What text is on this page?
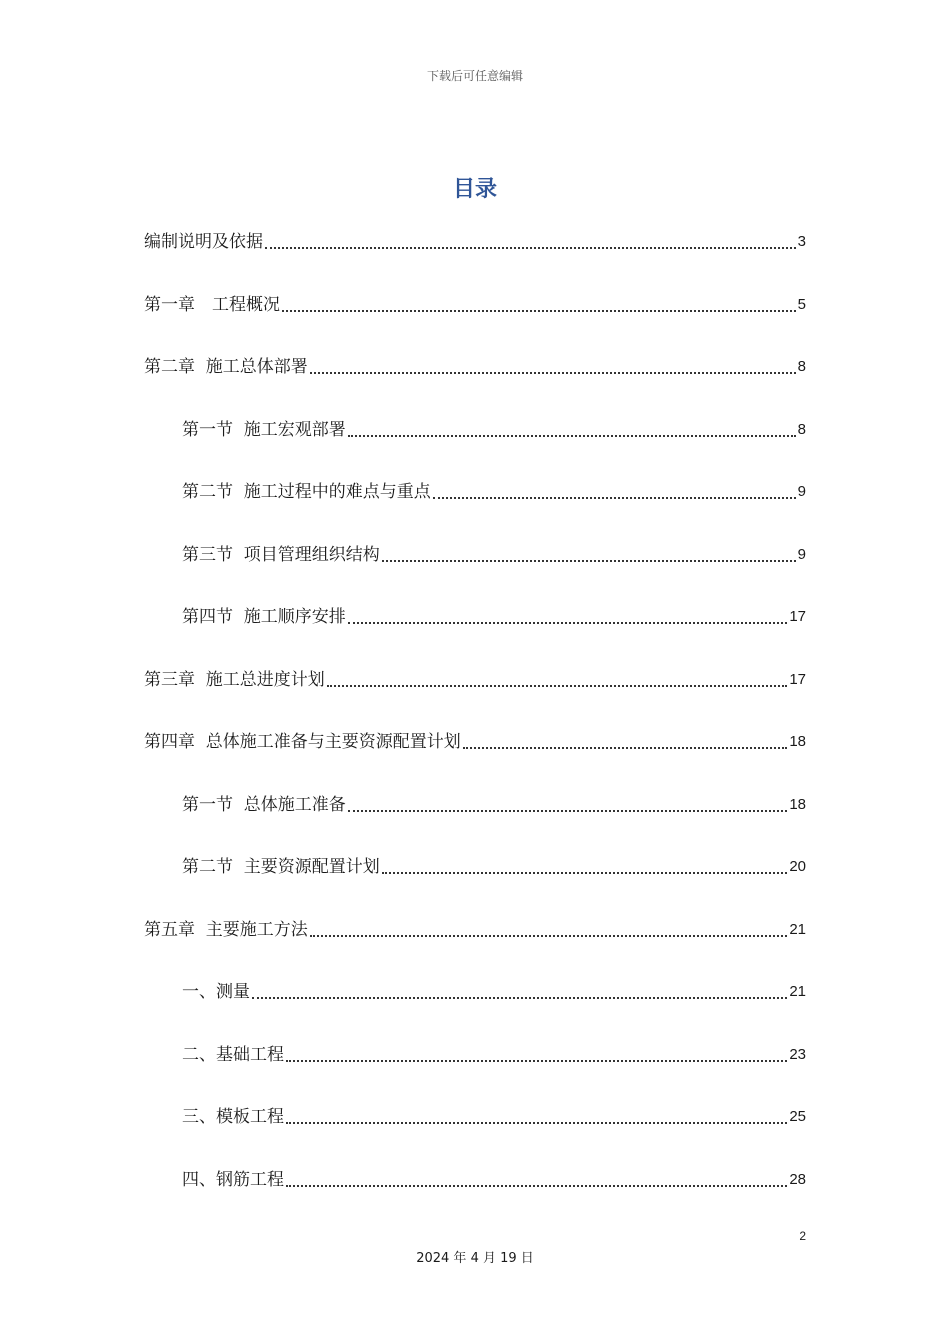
下载后可任意编辑
目录
编制说明及依据	3
第一章　工程概况	5
第二章  施工总体部署	8
第一节  施工宏观部署	8
第二节  施工过程中的难点与重点	9
第三节  项目管理组织结构	9
第四节  施工顺序安排	17
第三章  施工总进度计划	17
第四章  总体施工准备与主要资源配置计划	18
第一节  总体施工准备	18
第二节  主要资源配置计划	20
第五章  主要施工方法	21
一、测量	21
二、基础工程	23
三、模板工程	25
四、钢筋工程	28
2
2024 年 4 月 19 日
